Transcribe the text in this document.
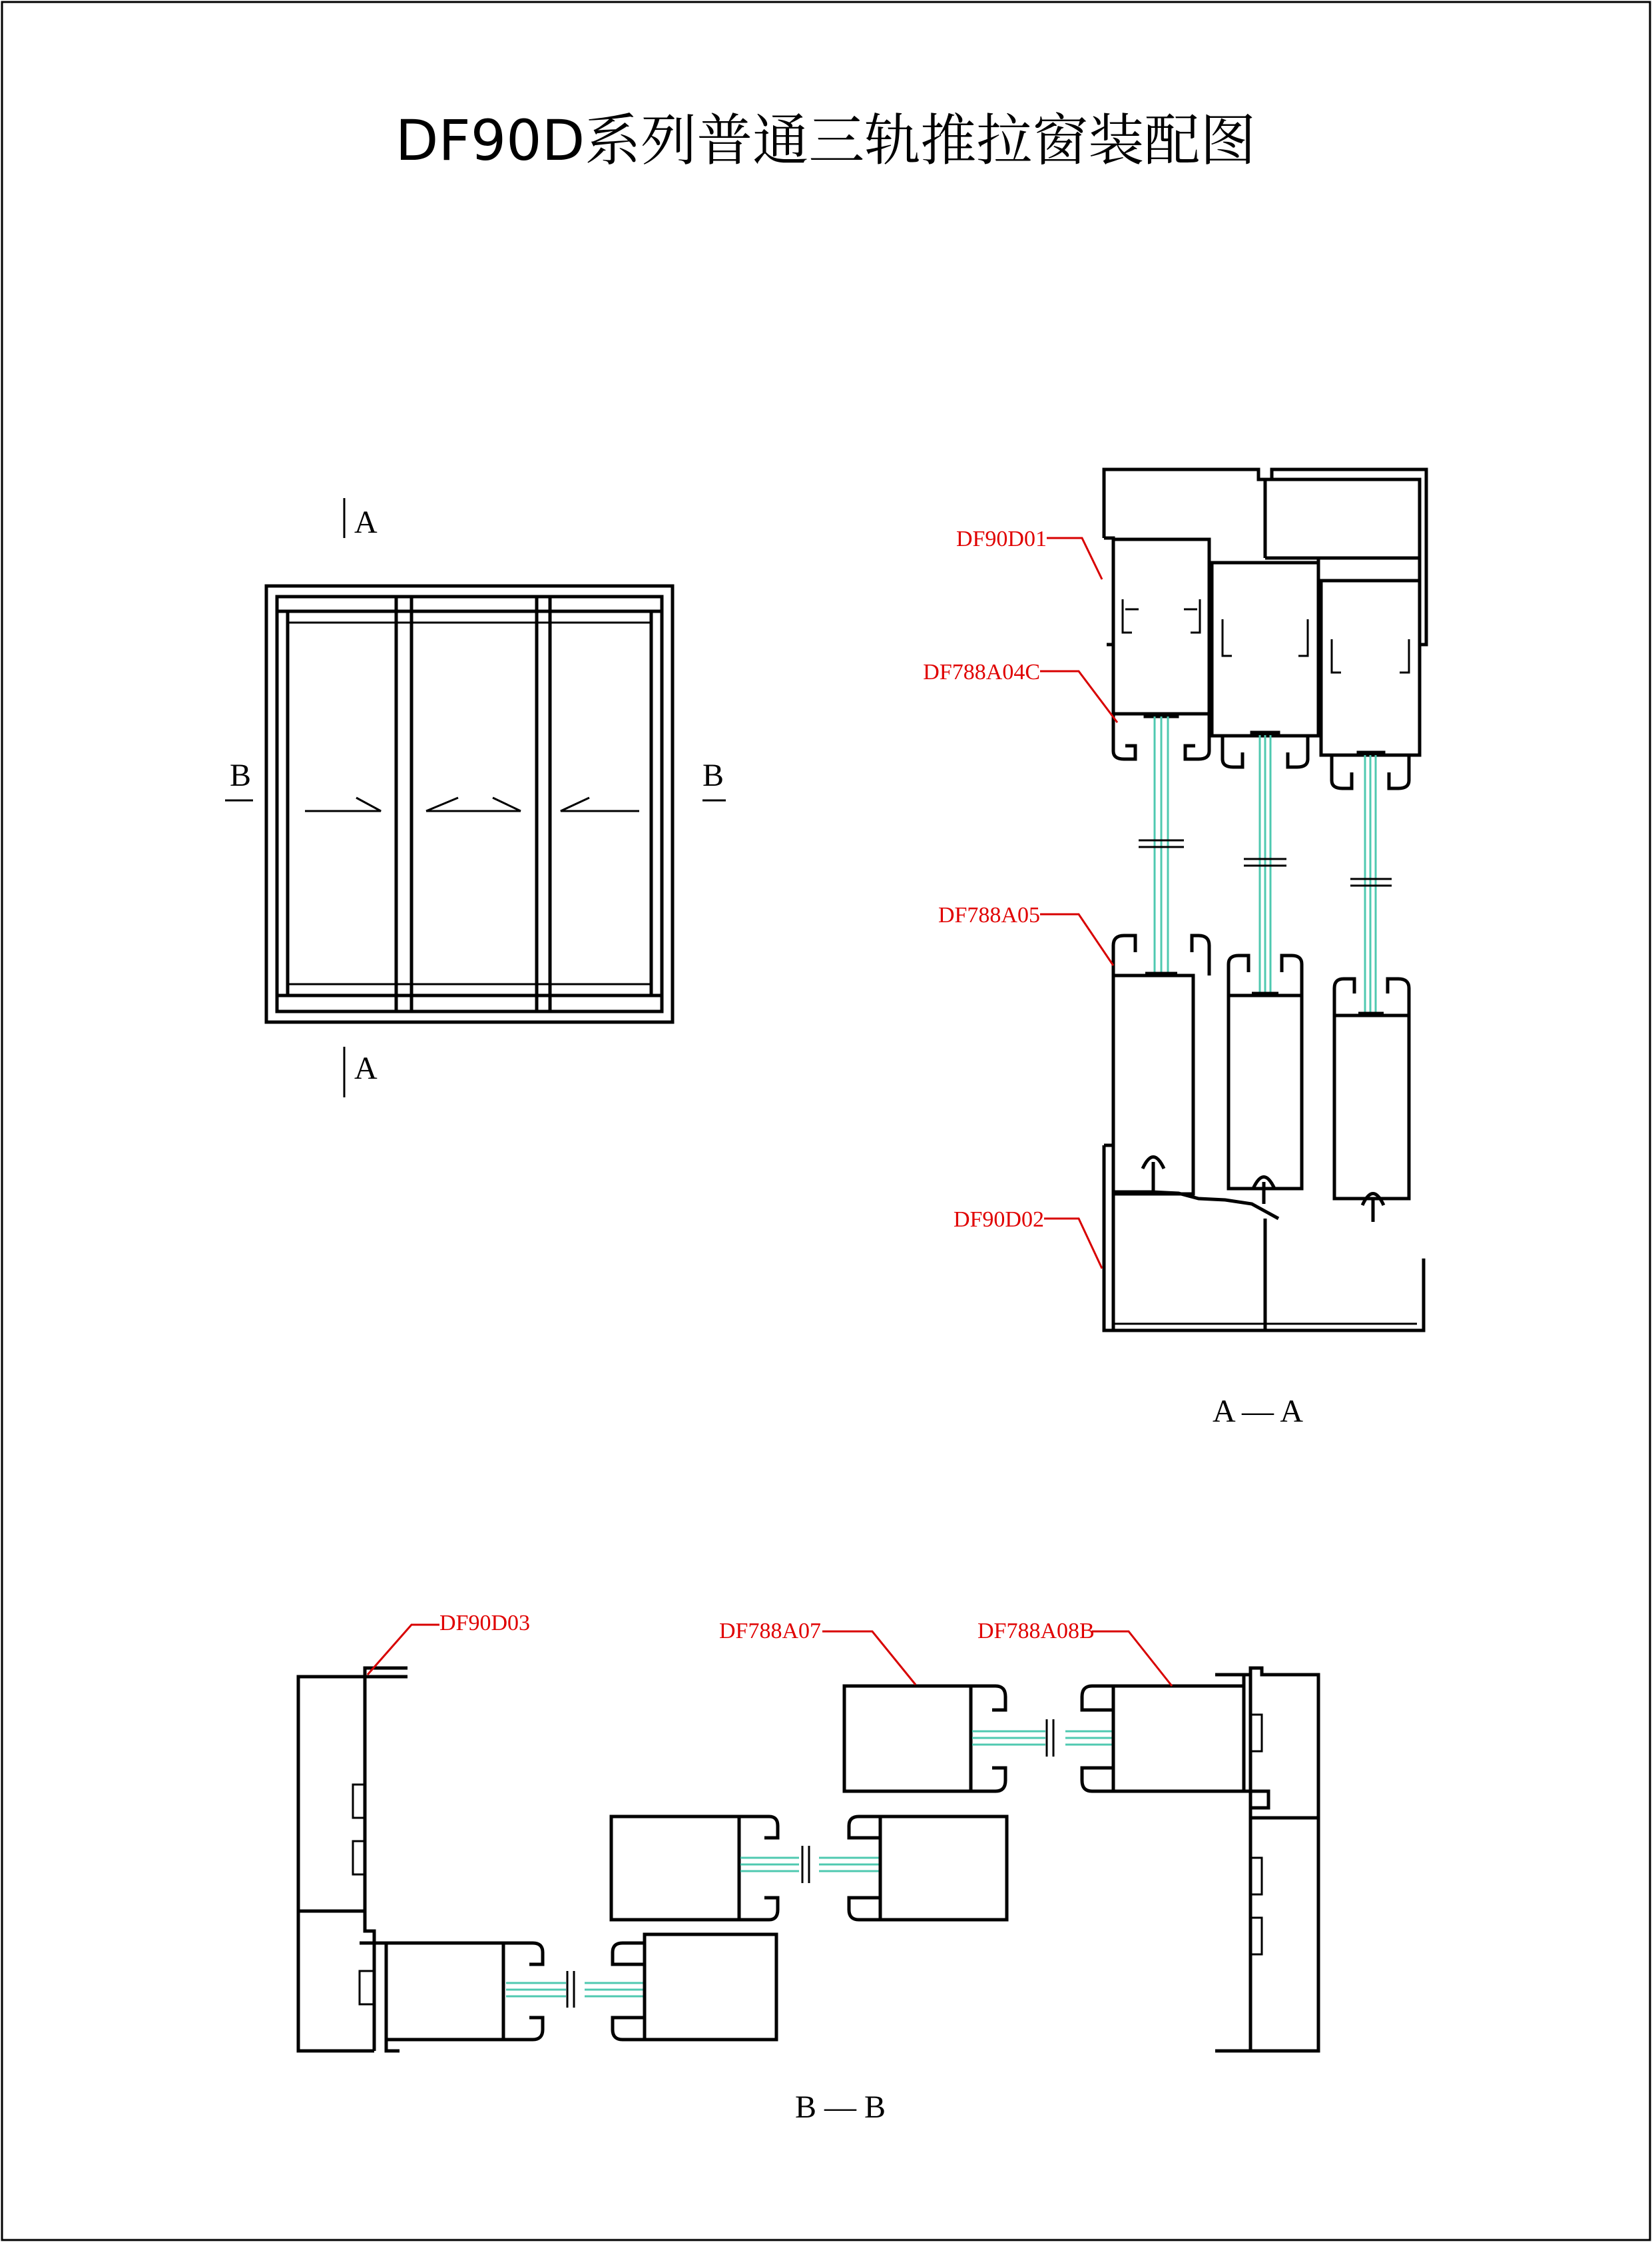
DF90D系列普通三轨推拉窗装配图
A
A
B	B
DF90D01
DF788A04C
DF788A05
DF90D02
A — A
DF90D03	DF788A07	DF788A08B
B — B
